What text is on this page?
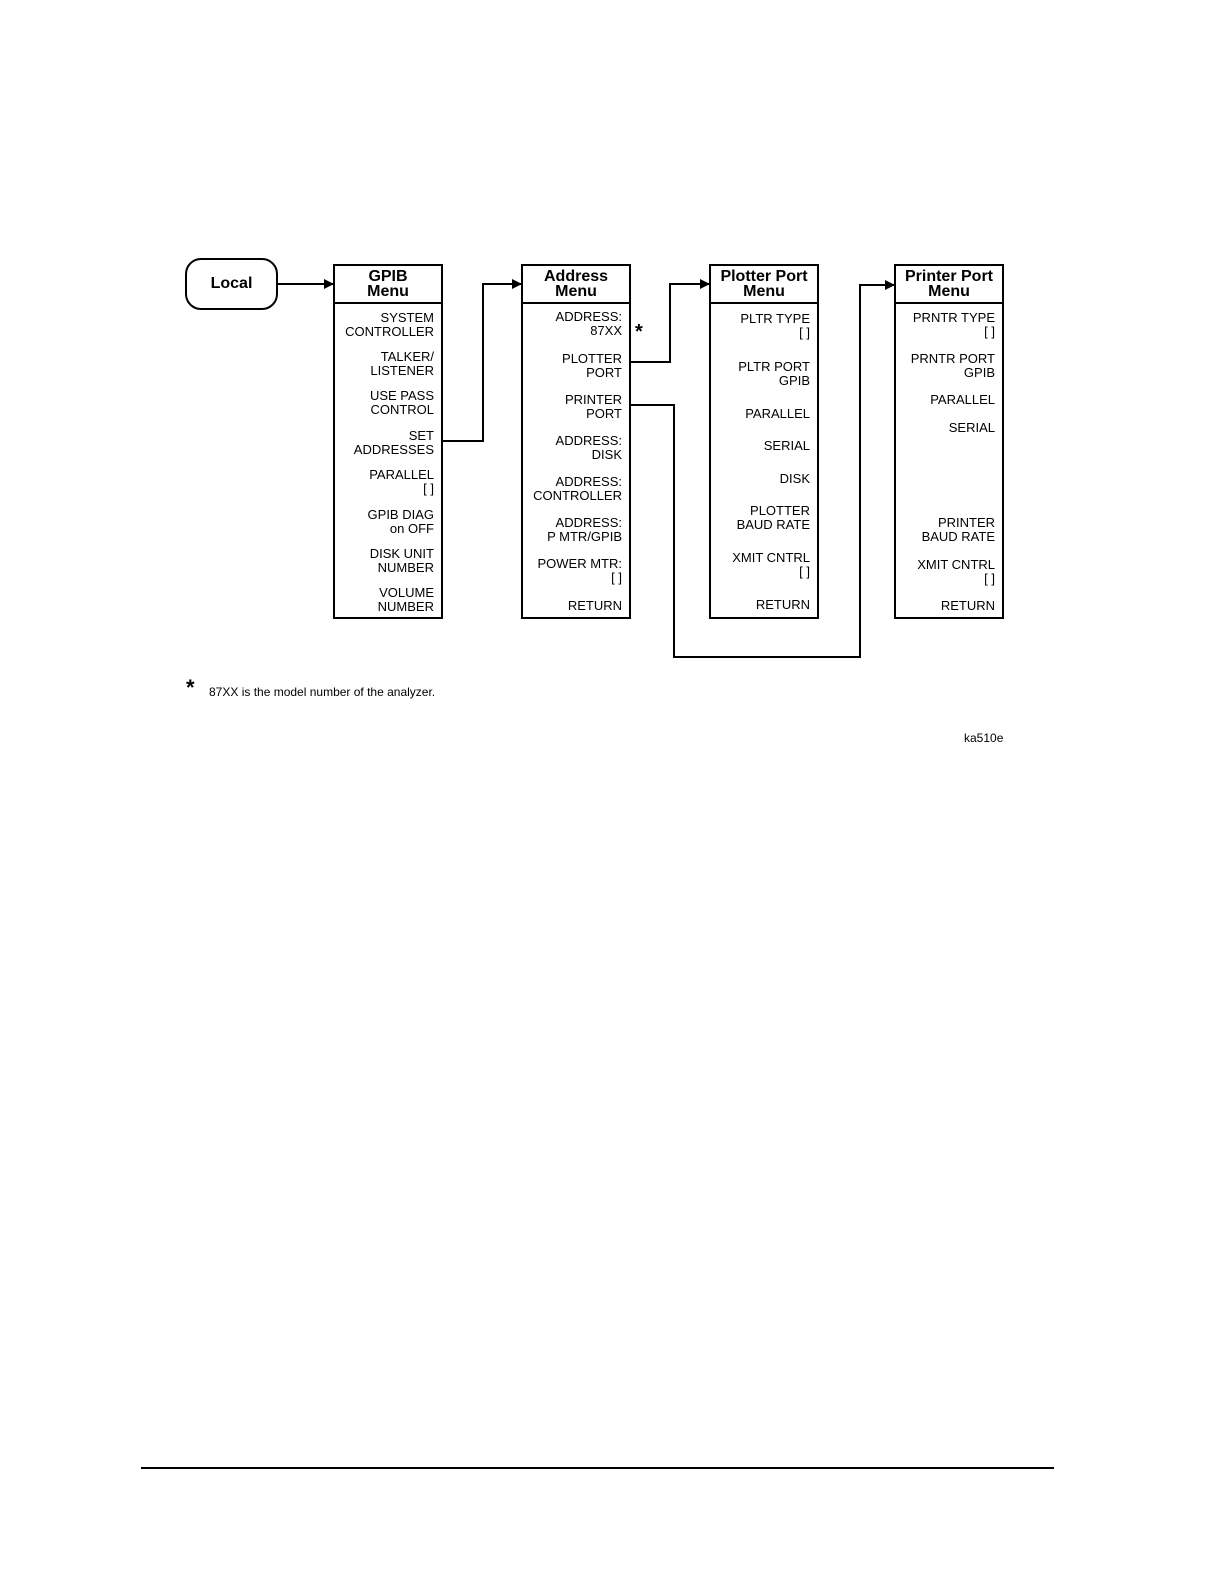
Local	GPIB
Menu
SYSTEM
CONTROLLER
TALKER/
LISTENER
USE PASS
CONTROL
SET
ADDRESSES
PARALLEL
[ ]
GPIB DIAG
on OFF
DISK UNIT
NUMBER
VOLUME
NUMBER
Address
Menu
ADDRESS:
87XX
PLOTTER
PORT
PRINTER
PORT
ADDRESS:
DISK
ADDRESS:
CONTROLLER
ADDRESS:
P MTR/GPIB
POWER MTR:
[ ]
RETURN
*
Plotter Port
Menu
PLTR TYPE
[ ]
PLTR PORT
GPIB
PARALLEL
SERIAL
DISK
PLOTTER
BAUD RATE
XMIT CNTRL
[ ]
RETURN
Printer Port
Menu
PRNTR TYPE
[ ]
PRNTR PORT
GPIB
PARALLEL
SERIAL
PRINTER
BAUD RATE
XMIT CNTRL
[ ]
RETURN
* 87XX is the model number of the analyzer.
ka510e
